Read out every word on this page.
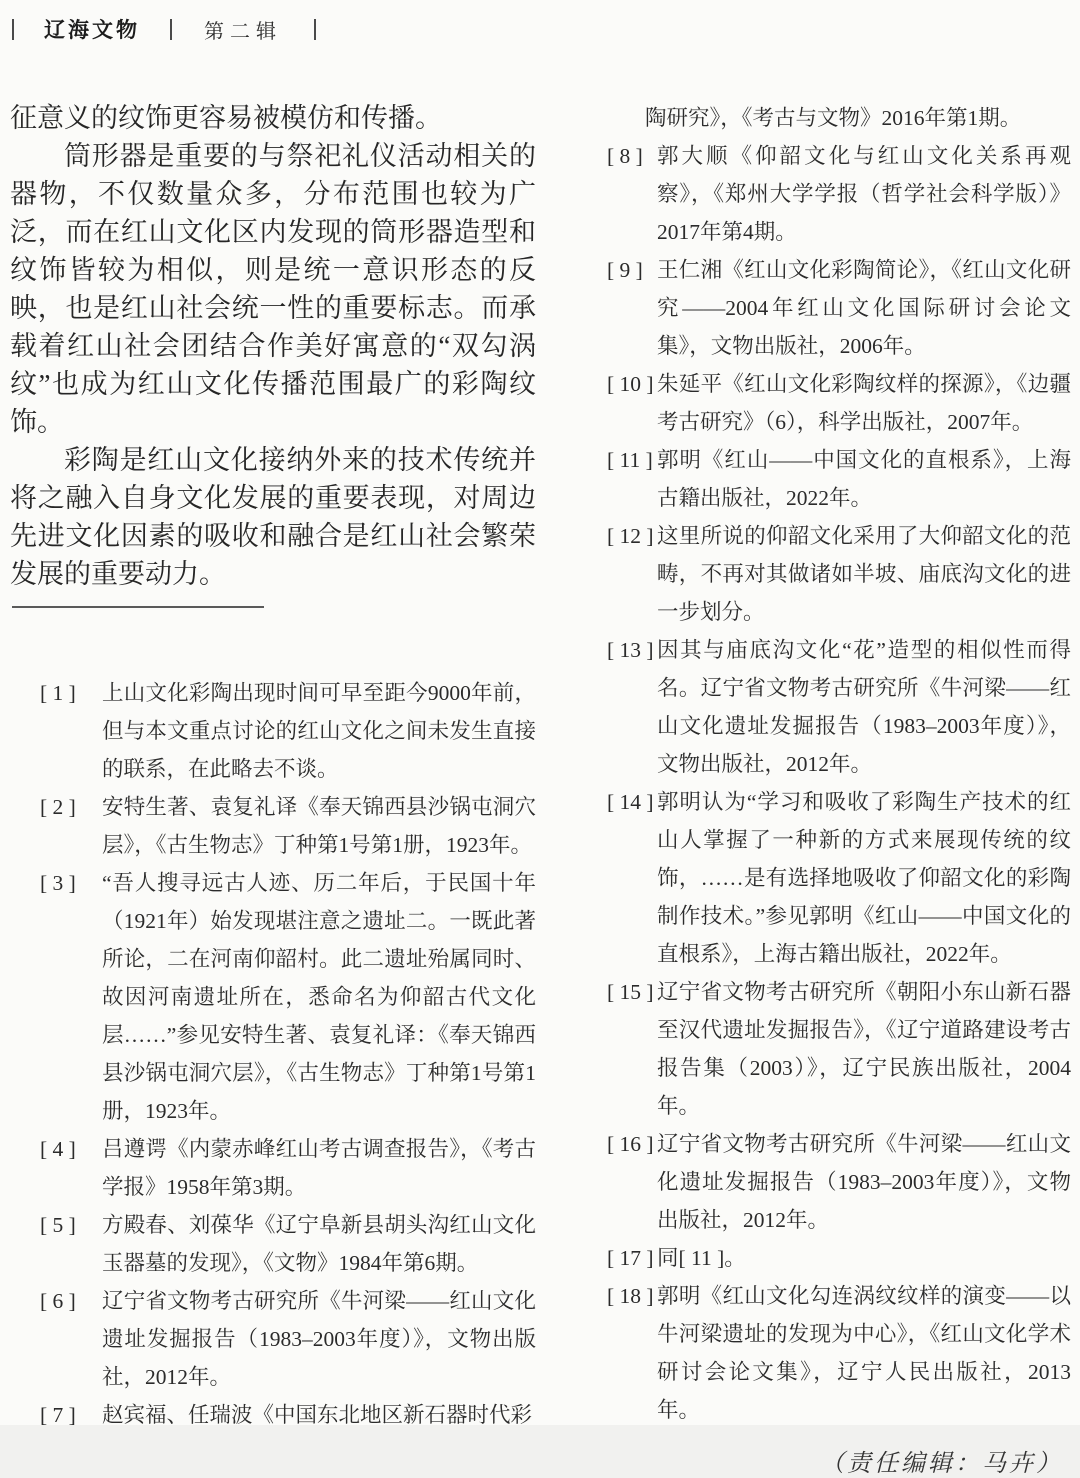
辽海文物	第二辑
征意义的纹饰更容易被模仿和传播。
筒形器是重要的与祭祀礼仪活动相关的器物，不仅数量众多，分布范围也较为广泛，而在红山文化区内发现的筒形器造型和纹饰皆较为相似，则是统一意识形态的反映，也是红山社会统一性的重要标志。而承载着红山社会团结合作美好寓意的“双勾涡纹”也成为红山文化传播范围最广的彩陶纹饰。
彩陶是红山文化接纳外来的技术传统并将之融入自身文化发展的重要表现，对周边先进文化因素的吸收和融合是红山社会繁荣发展的重要动力。
[ 1 ] 上山文化彩陶出现时间可早至距今9000年前，但与本文重点讨论的红山文化之间未发生直接的联系，在此略去不谈。
[ 2 ] 安特生著、袁复礼译《奉天锦西县沙锅屯洞穴层》，《古生物志》丁种第1号第1册，1923年。
[ 3 ] “吾人搜寻远古人迹、历二年后，于民国十年（1921年）始发现堪注意之遗址二。一既此著所论，二在河南仰韶村。此二遗址殆属同时、故因河南遗址所在，悉命名为仰韶古代文化层……”参见安特生著、袁复礼译：《奉天锦西县沙锅屯洞穴层》，《古生物志》丁种第1号第1册，1923年。
[ 4 ] 吕遵谔《内蒙赤峰红山考古调查报告》，《考古学报》1958年第3期。
[ 5 ] 方殿春、刘葆华《辽宁阜新县胡头沟红山文化玉器墓的发现》，《文物》1984年第6期。
[ 6 ] 辽宁省文物考古研究所《牛河梁——红山文化遗址发掘报告（1983–2003年度）》，文物出版社，2012年。
[ 7 ] 赵宾福、任瑞波《中国东北地区新石器时代彩
陶研究》，《考古与文物》2016年第1期。
[ 8 ] 郭大顺《仰韶文化与红山文化关系再观察》，《郑州大学学报（哲学社会科学版）》2017年第4期。
[ 9 ] 王仁湘《红山文化彩陶简论》，《红山文化研究——2004年红山文化国际研讨会论文集》，文物出版社，2006年。
[ 10 ] 朱延平《红山文化彩陶纹样的探源》，《边疆考古研究》（6），科学出版社，2007年。
[ 11 ] 郭明《红山——中国文化的直根系》，上海古籍出版社，2022年。
[ 12 ] 这里所说的仰韶文化采用了大仰韶文化的范畴，不再对其做诸如半坡、庙底沟文化的进一步划分。
[ 13 ] 因其与庙底沟文化“花”造型的相似性而得名。辽宁省文物考古研究所《牛河梁——红山文化遗址发掘报告（1983–2003年度）》，文物出版社，2012年。
[ 14 ] 郭明认为“学习和吸收了彩陶生产技术的红山人掌握了一种新的方式来展现传统的纹饰，……是有选择地吸收了仰韶文化的彩陶制作技术。”参见郭明《红山——中国文化的直根系》，上海古籍出版社，2022年。
[ 15 ] 辽宁省文物考古研究所《朝阳小东山新石器至汉代遗址发掘报告》，《辽宁道路建设考古报告集（2003）》，辽宁民族出版社，2004年。
[ 16 ] 辽宁省文物考古研究所《牛河梁——红山文化遗址发掘报告（1983–2003年度）》，文物出版社，2012年。
[ 17 ] 同[ 11 ]。
[ 18 ] 郭明《红山文化勾连涡纹纹样的演变——以牛河梁遗址的发现为中心》，《红山文化学术研讨会论文集》，辽宁人民出版社，2013年。
（责任编辑：马卉）
